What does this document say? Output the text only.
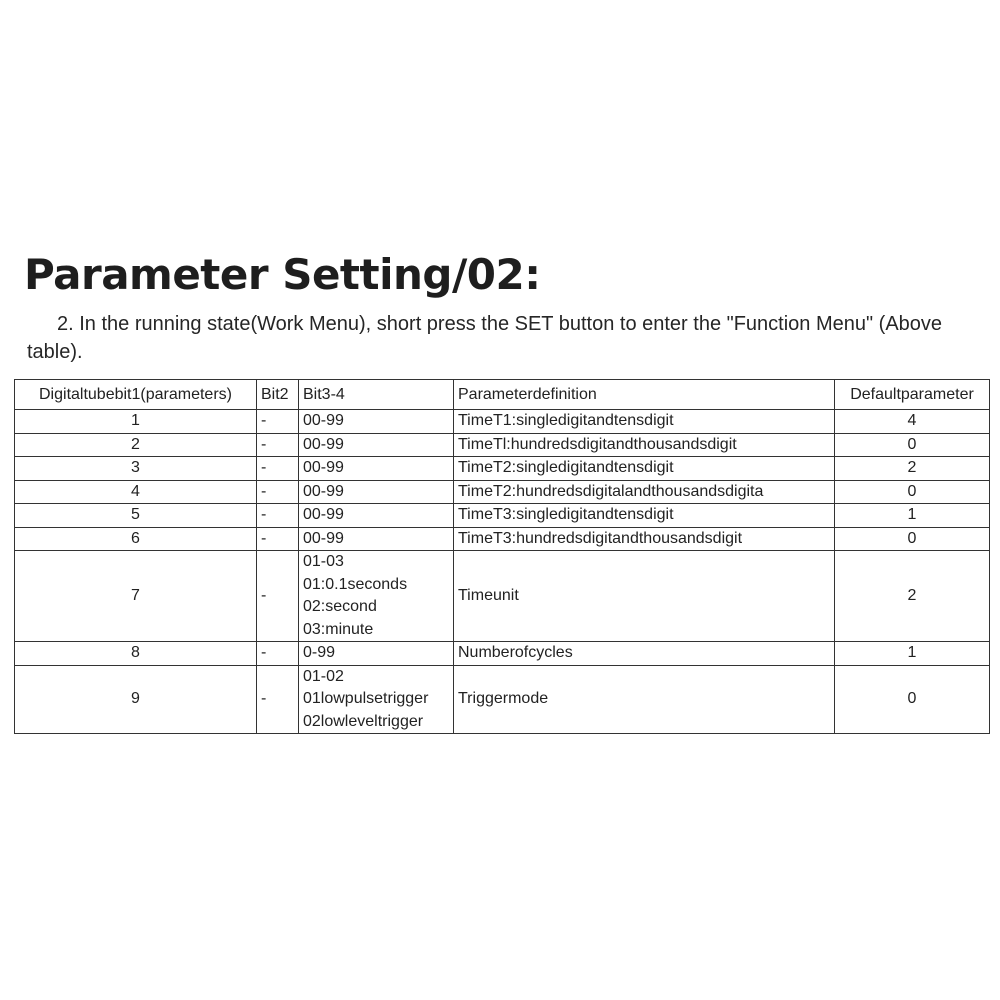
Parameter Setting/02:

2. In the running state(Work Menu), short press the SET button to enter the "Function Menu" (Above table).

Digitaltubebit1(parameters)	Bit2	Bit3-4	Parameterdefinition	Defaultparameter
1	-	00-99	TimeT1:singledigitandtensdigit	4
2	-	00-99	TimeTl:hundredsdigitandthousandsdigit	0
3	-	00-99	TimeT2:singledigitandtensdigit	2
4	-	00-99	TimeT2:hundredsdigitalandthousandsdigita	0
5	-	00-99	TimeT3:singledigitandtensdigit	1
6	-	00-99	TimeT3:hundredsdigitandthousandsdigit	0
7	-	01-03
01:0.1seconds
02:second
03:minute	Timeunit	2
8	-	0-99	Numberofcycles	1
9	-	01-02
01lowpulsetrigger
02lowleveltrigger	Triggermode	0
